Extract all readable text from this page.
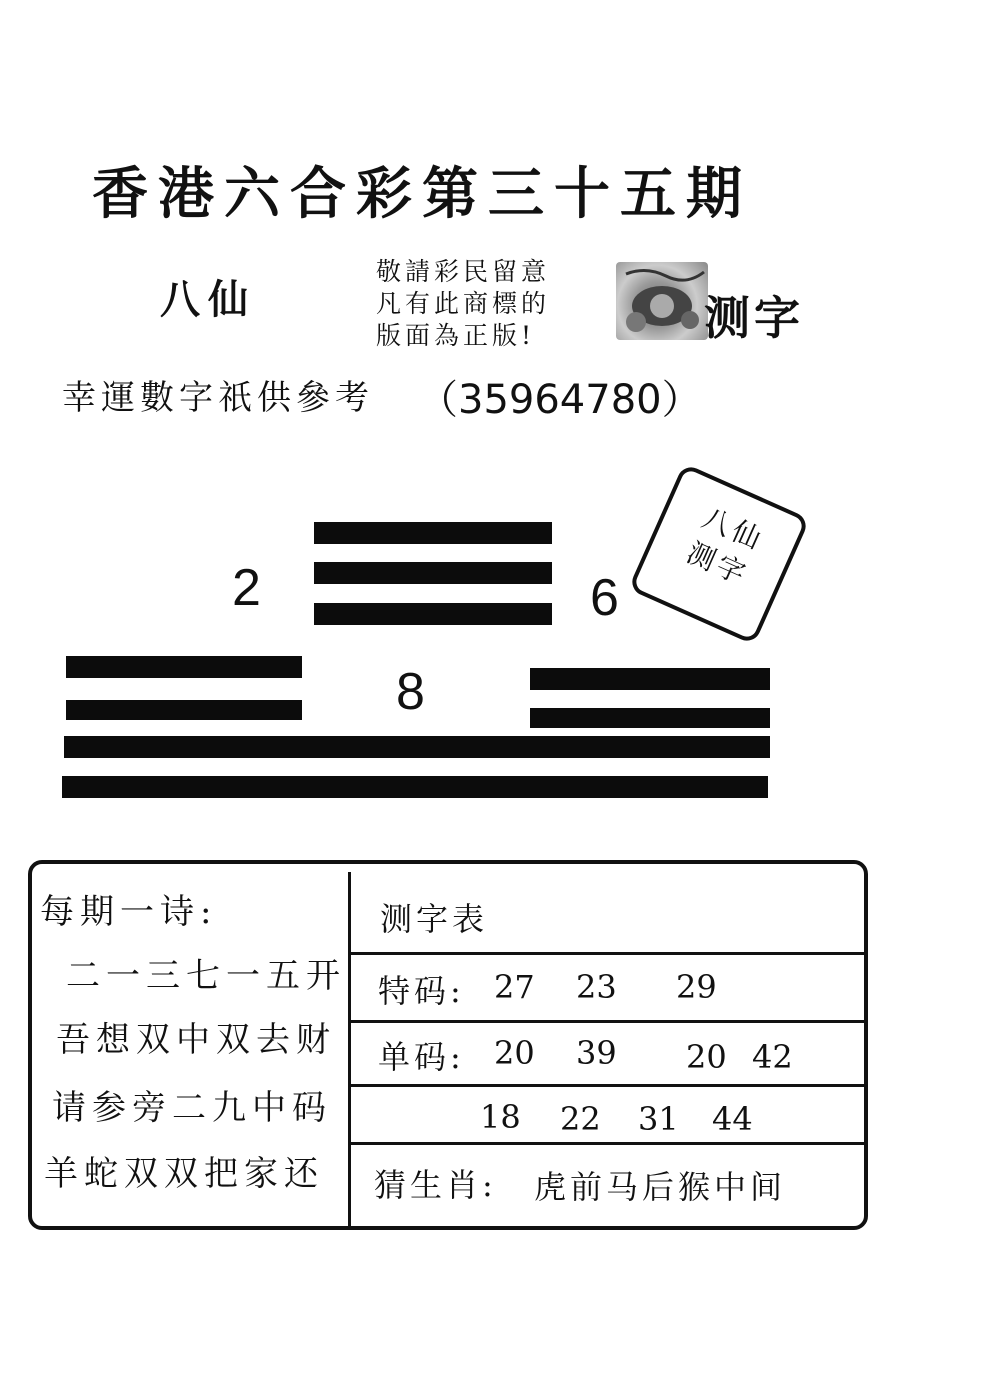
香港六合彩第三十五期
八仙
敬請彩民留意
凡有此商標的
版面為正版!	测字
幸運數字祇供參考 （35964780）
2	6
八仙
测字
8
每期一诗:
二一三七一五开
吾想双中双去财
请参旁二九中码
羊蛇双双把家还
测字表
特码: 27 23 29
单码: 20 39 20 42
18 22 31 44
猜生肖: 虎前马后猴中间
